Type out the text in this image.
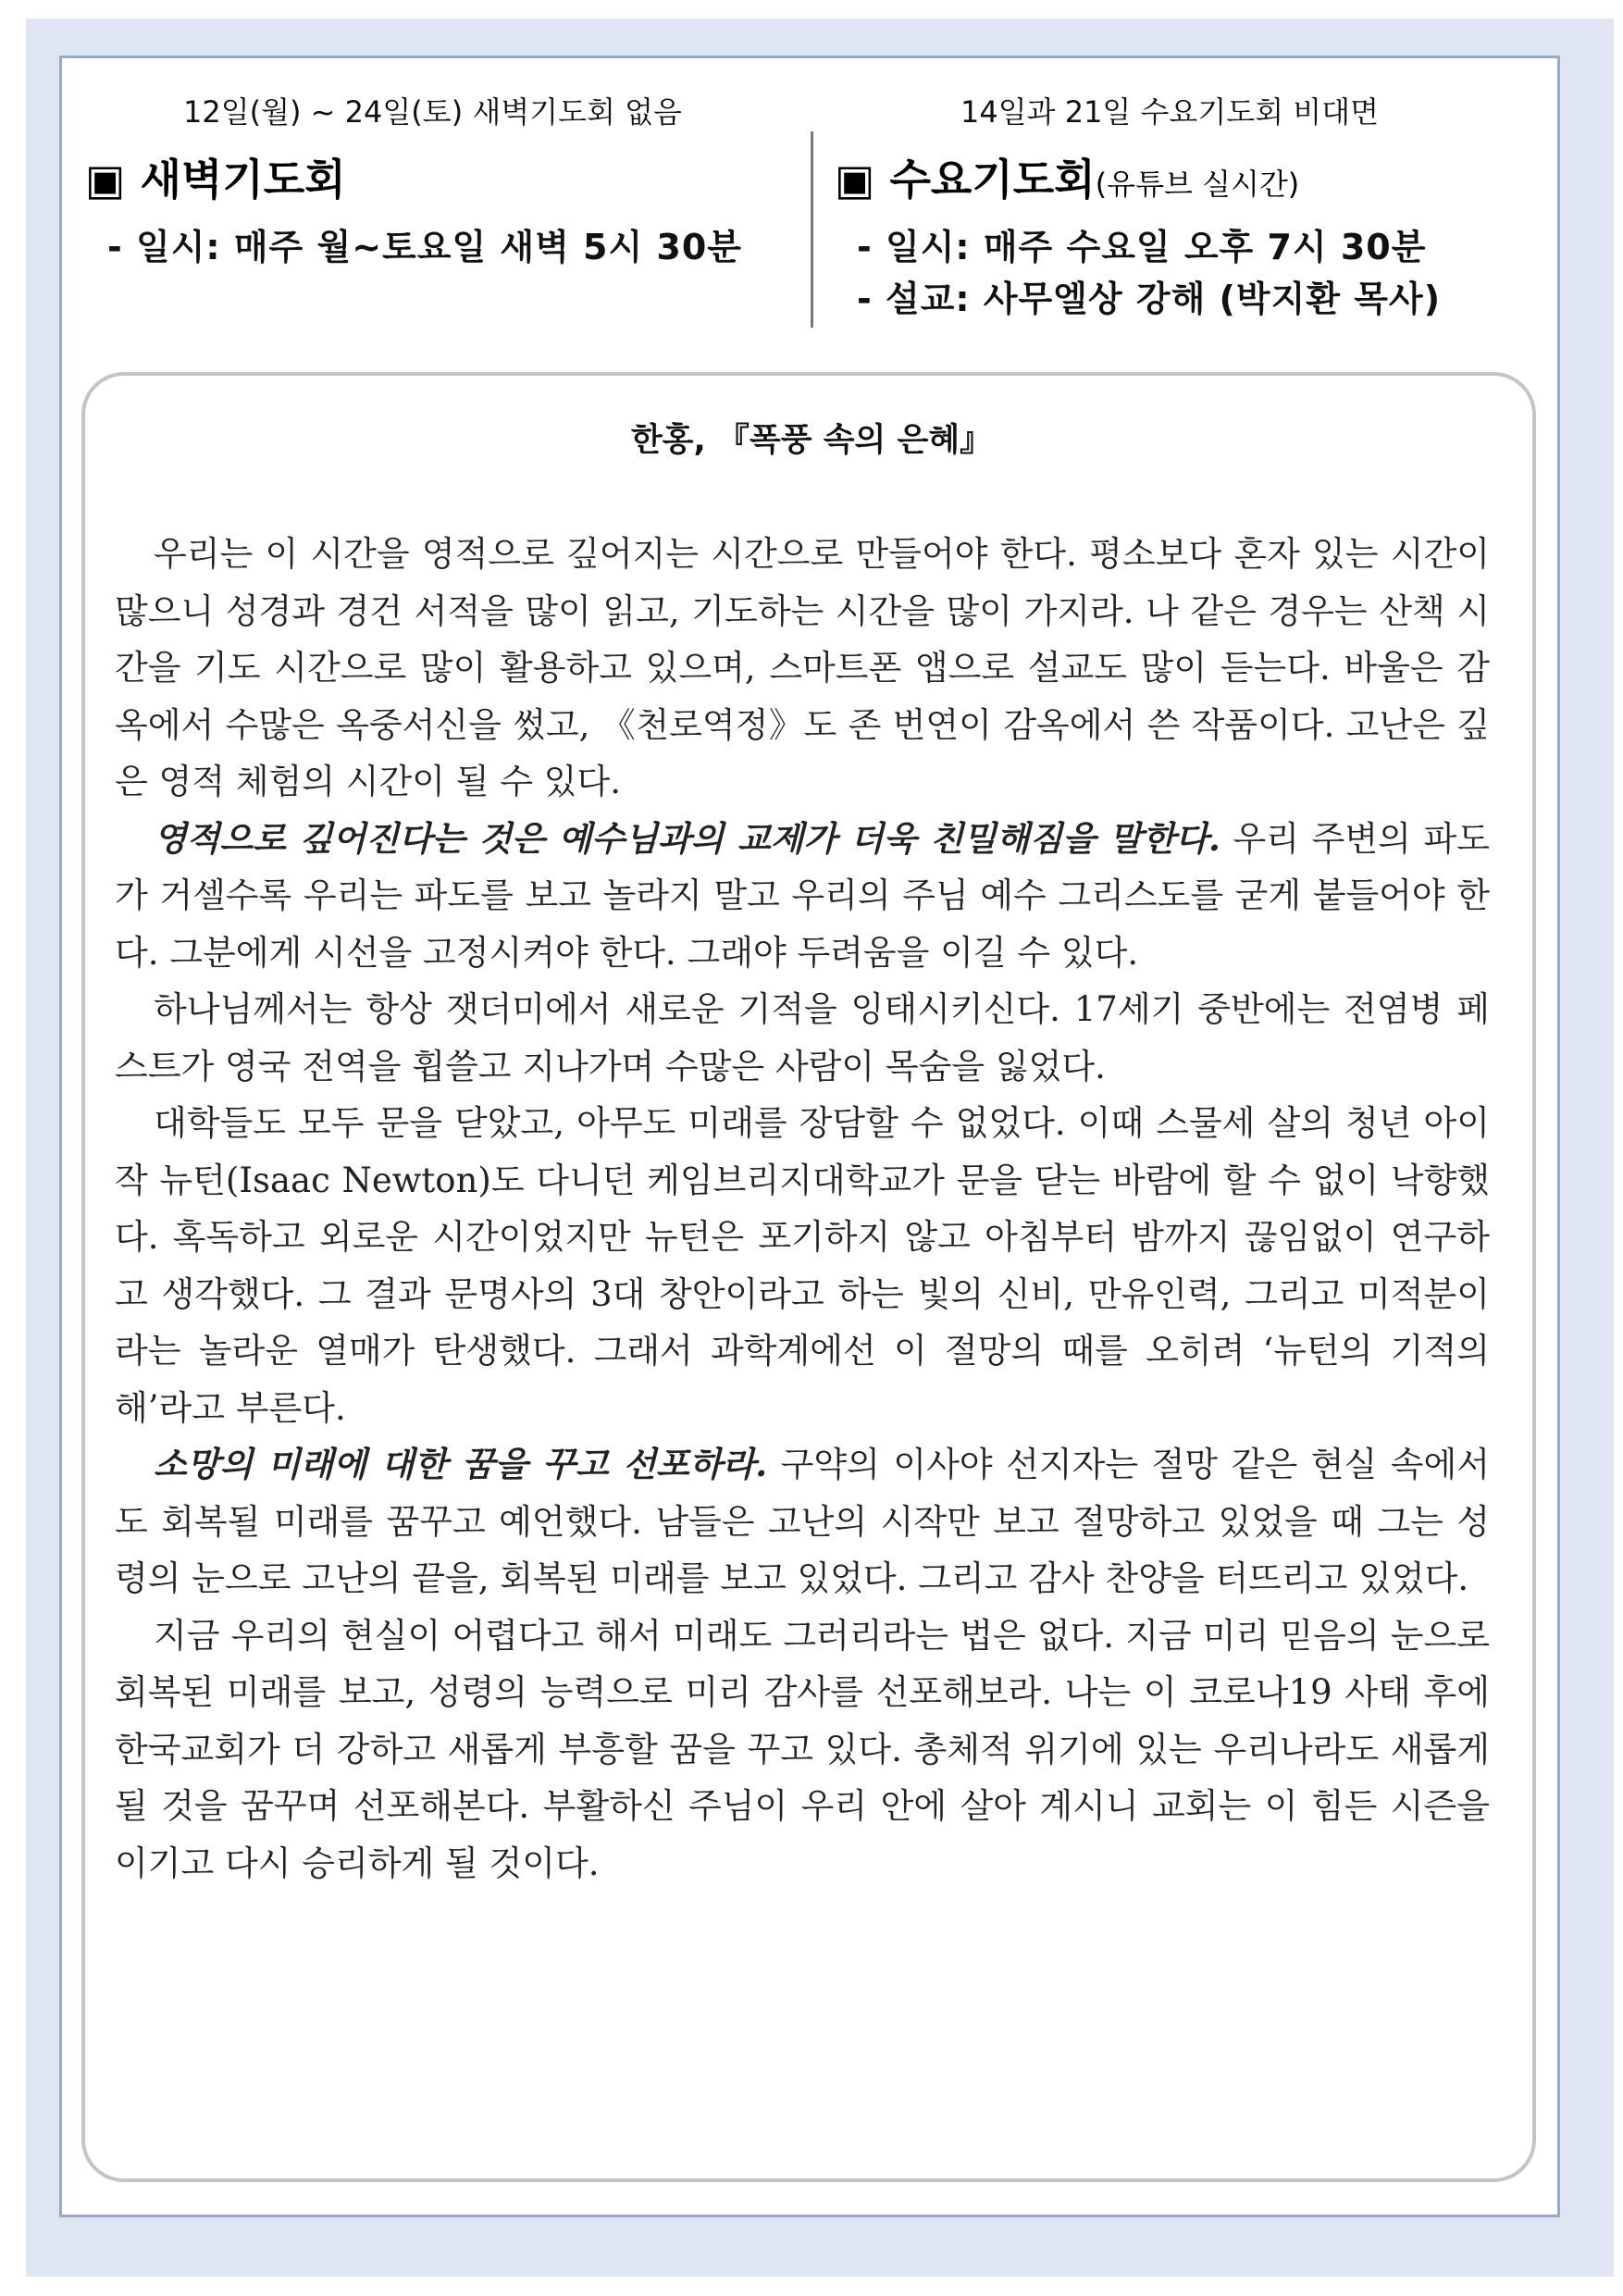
12일(월) ~ 24일(토) 새벽기도회 없음	14일과 21일 수요기도회 비대면
▣ 새벽기도회
- 일시: 매주 월~토요일 새벽 5시 30분
▣ 수요기도회(유튜브 실시간)
- 일시: 매주 수요일 오후 7시 30분
- 설교: 사무엘상 강해 (박지환 목사)
한홍, 『폭풍 속의 은혜』

우리는 이 시간을 영적으로 깊어지는 시간으로 만들어야 한다. 평소보다 혼자 있는 시간이 많으니 성경과 경건 서적을 많이 읽고, 기도하는 시간을 많이 가지라. 나 같은 경우는 산책 시간을 기도 시간으로 많이 활용하고 있으며, 스마트폰 앱으로 설교도 많이 듣는다. 바울은 감옥에서 수많은 옥중서신을 썼고, 《천로역정》도 존 번연이 감옥에서 쓴 작품이다. 고난은 깊은 영적 체험의 시간이 될 수 있다.

영적으로 깊어진다는 것은 예수님과의 교제가 더욱 친밀해짐을 말한다. 우리 주변의 파도가 거셀수록 우리는 파도를 보고 놀라지 말고 우리의 주님 예수 그리스도를 굳게 붙들어야 한다. 그분에게 시선을 고정시켜야 한다. 그래야 두려움을 이길 수 있다.

하나님께서는 항상 잿더미에서 새로운 기적을 잉태시키신다. 17세기 중반에는 전염병 페스트가 영국 전역을 휩쓸고 지나가며 수많은 사람이 목숨을 잃었다.

대학들도 모두 문을 닫았고, 아무도 미래를 장담할 수 없었다. 이때 스물세 살의 청년 아이작 뉴턴(Isaac Newton)도 다니던 케임브리지대학교가 문을 닫는 바람에 할 수 없이 낙향했다. 혹독하고 외로운 시간이었지만 뉴턴은 포기하지 않고 아침부터 밤까지 끊임없이 연구하고 생각했다. 그 결과 문명사의 3대 창안이라고 하는 빛의 신비, 만유인력, 그리고 미적분이라는 놀라운 열매가 탄생했다. 그래서 과학계에선 이 절망의 때를 오히려 ‘뉴턴의 기적의 해’라고 부른다.

소망의 미래에 대한 꿈을 꾸고 선포하라. 구약의 이사야 선지자는 절망 같은 현실 속에서도 회복될 미래를 꿈꾸고 예언했다. 남들은 고난의 시작만 보고 절망하고 있었을 때 그는 성령의 눈으로 고난의 끝을, 회복된 미래를 보고 있었다. 그리고 감사 찬양을 터뜨리고 있었다.

지금 우리의 현실이 어렵다고 해서 미래도 그러리라는 법은 없다. 지금 미리 믿음의 눈으로 회복된 미래를 보고, 성령의 능력으로 미리 감사를 선포해보라. 나는 이 코로나19 사태 후에 한국교회가 더 강하고 새롭게 부흥할 꿈을 꾸고 있다. 총체적 위기에 있는 우리나라도 새롭게 될 것을 꿈꾸며 선포해본다. 부활하신 주님이 우리 안에 살아 계시니 교회는 이 힘든 시즌을 이기고 다시 승리하게 될 것이다.
